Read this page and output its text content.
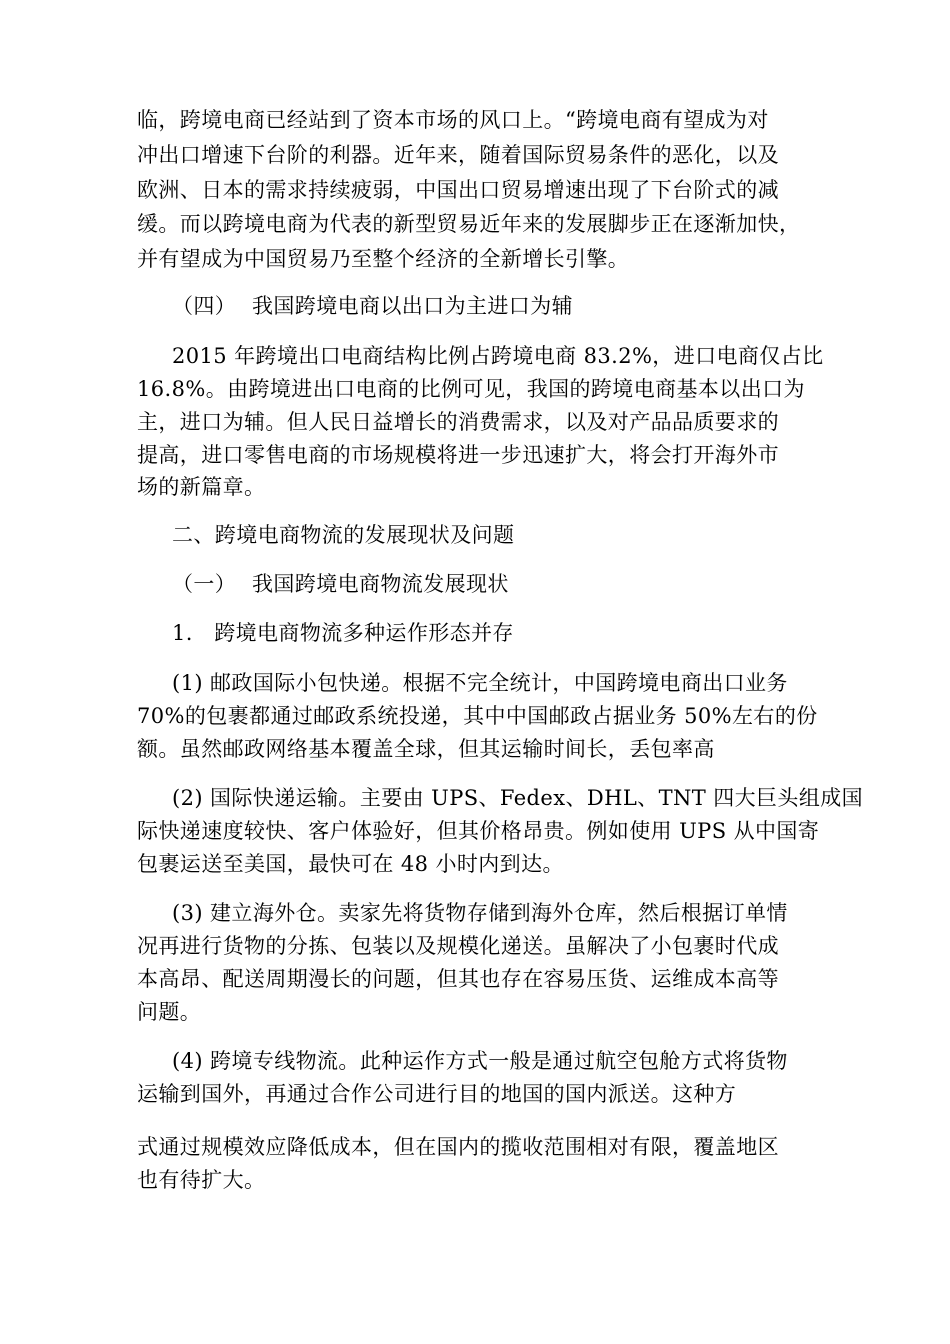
临，跨境电商已经站到了资本市场的风口上。“跨境电商有望成为对
冲出口增速下台阶的利器。近年来，随着国际贸易条件的恶化，以及
欧洲、日本的需求持续疲弱，中国出口贸易增速出现了下台阶式的减
缓。而以跨境电商为代表的新型贸易近年来的发展脚步正在逐渐加快，
并有望成为中国贸易乃至整个经济的全新增长引擎。
（四） 我国跨境电商以出口为主进口为辅
2015 年跨境出口电商结构比例占跨境电商 83.2%，进口电商仅占比
16.8%。由跨境进出口电商的比例可见，我国的跨境电商基本以出口为
主，进口为辅。但人民日益增长的消费需求，以及对产品品质要求的
提高，进口零售电商的市场规模将进一步迅速扩大，将会打开海外市
场的新篇章。
二、跨境电商物流的发展现状及问题
（一） 我国跨境电商物流发展现状
1.　跨境电商物流多种运作形态并存
(1) 邮政国际小包快递。根据不完全统计，中国跨境电商出口业务
70%的包裹都通过邮政系统投递，其中中国邮政占据业务 50%左右的份
额。虽然邮政网络基本覆盖全球，但其运输时间长，丢包率高
(2) 国际快递运输。主要由 UPS、Fedex、DHL、TNT 四大巨头组成国
际快递速度较快、客户体验好，但其价格昂贵。例如使用 UPS 从中国寄
包裹运送至美国，最快可在 48 小时内到达。
(3) 建立海外仓。卖家先将货物存储到海外仓库，然后根据订单情
况再进行货物的分拣、包装以及规模化递送。虽解决了小包裹时代成
本高昂、配送周期漫长的问题，但其也存在容易压货、运维成本高等
问题。
(4) 跨境专线物流。此种运作方式一般是通过航空包舱方式将货物
运输到国外，再通过合作公司进行目的地国的国内派送。这种方
式通过规模效应降低成本，但在国内的揽收范围相对有限，覆盖地区
也有待扩大。
